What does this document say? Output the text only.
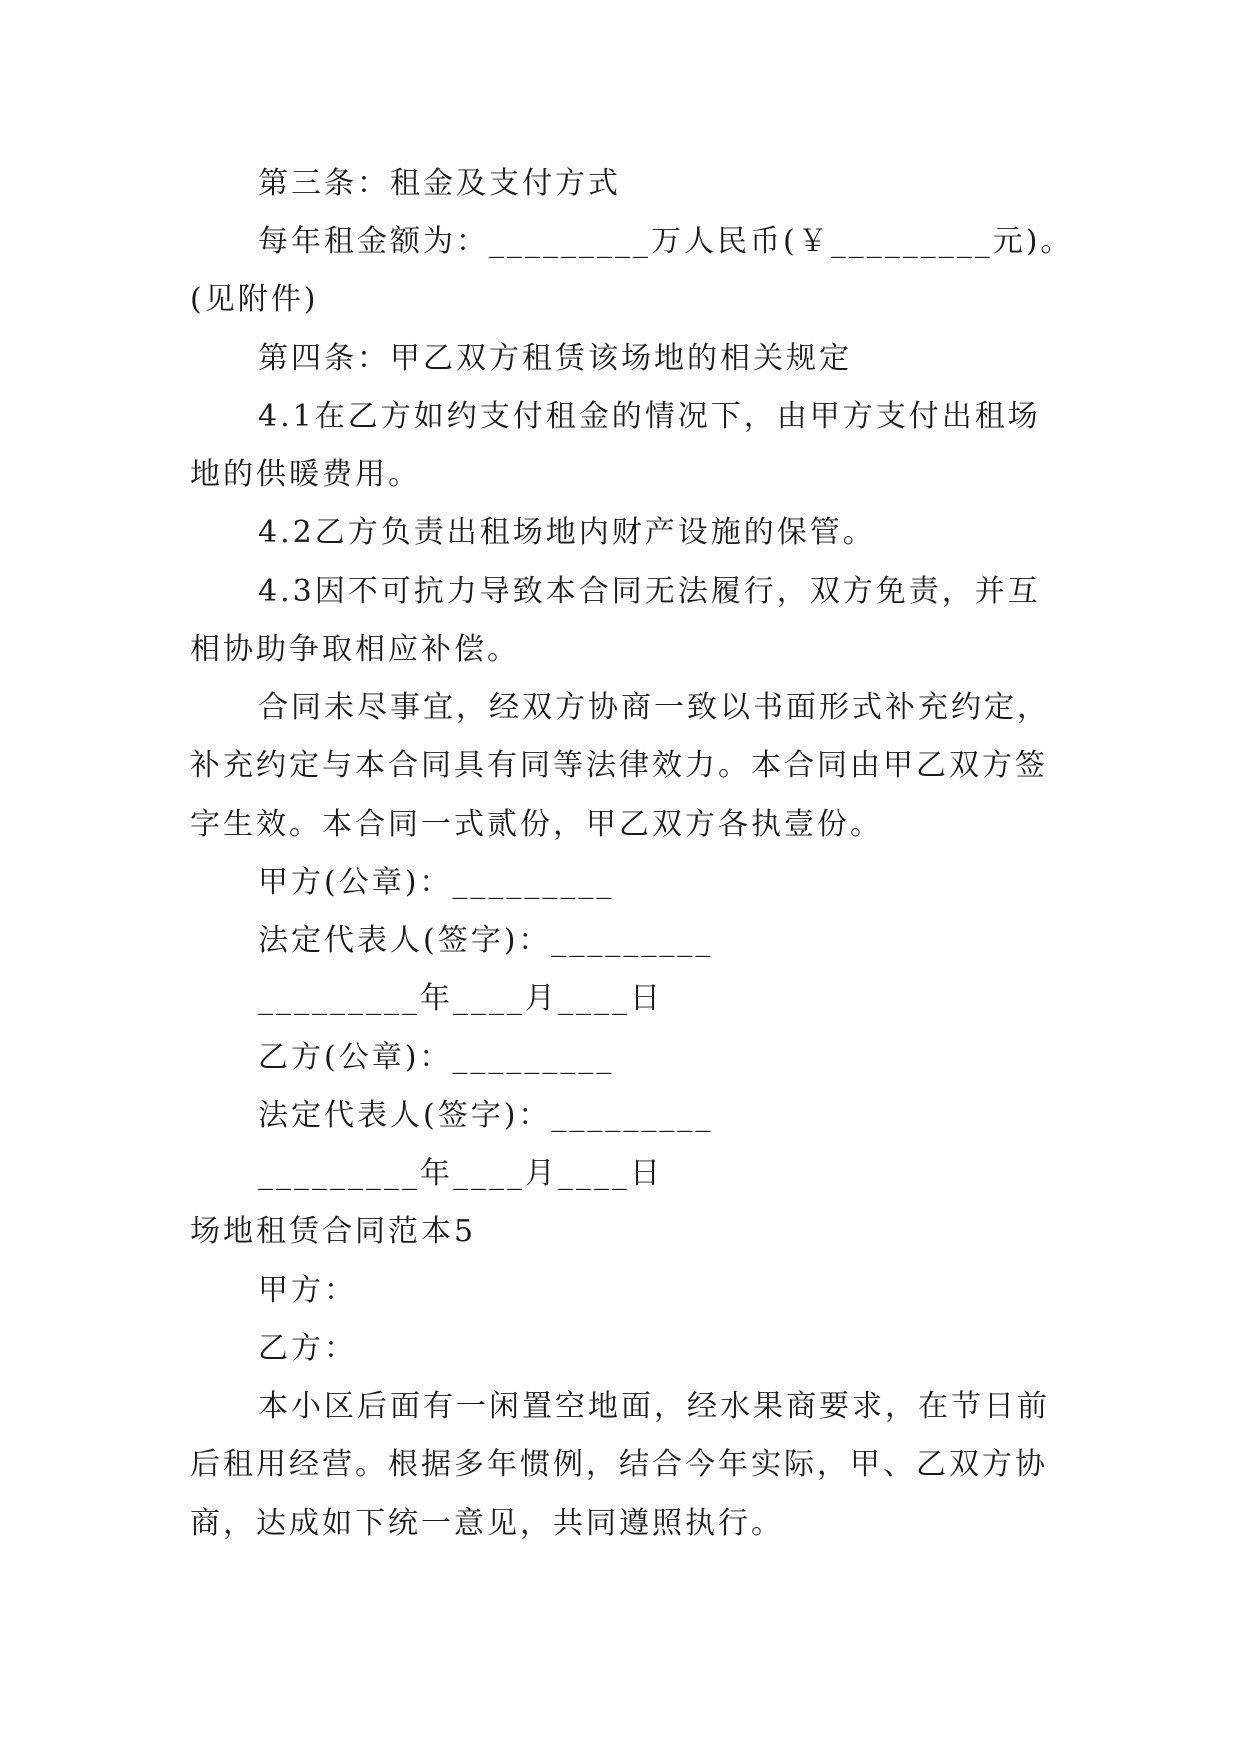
第三条：租金及支付方式
每年租金额为：_________万人民币(￥_________元)。
(见附件)
第四条：甲乙双方租赁该场地的相关规定
4.1在乙方如约支付租金的情况下，由甲方支付出租场
地的供暖费用。
4.2乙方负责出租场地内财产设施的保管。
4.3因不可抗力导致本合同无法履行，双方免责，并互
相协助争取相应补偿。
合同未尽事宜，经双方协商一致以书面形式补充约定，
补充约定与本合同具有同等法律效力。本合同由甲乙双方签
字生效。本合同一式贰份，甲乙双方各执壹份。
甲方(公章)：_________
法定代表人(签字)：_________
_________年____月____日
乙方(公章)：_________
法定代表人(签字)：_________
_________年____月____日
场地租赁合同范本5
甲方：
乙方：
本小区后面有一闲置空地面，经水果商要求，在节日前
后租用经营。根据多年惯例，结合今年实际，甲、乙双方协
商，达成如下统一意见，共同遵照执行。
